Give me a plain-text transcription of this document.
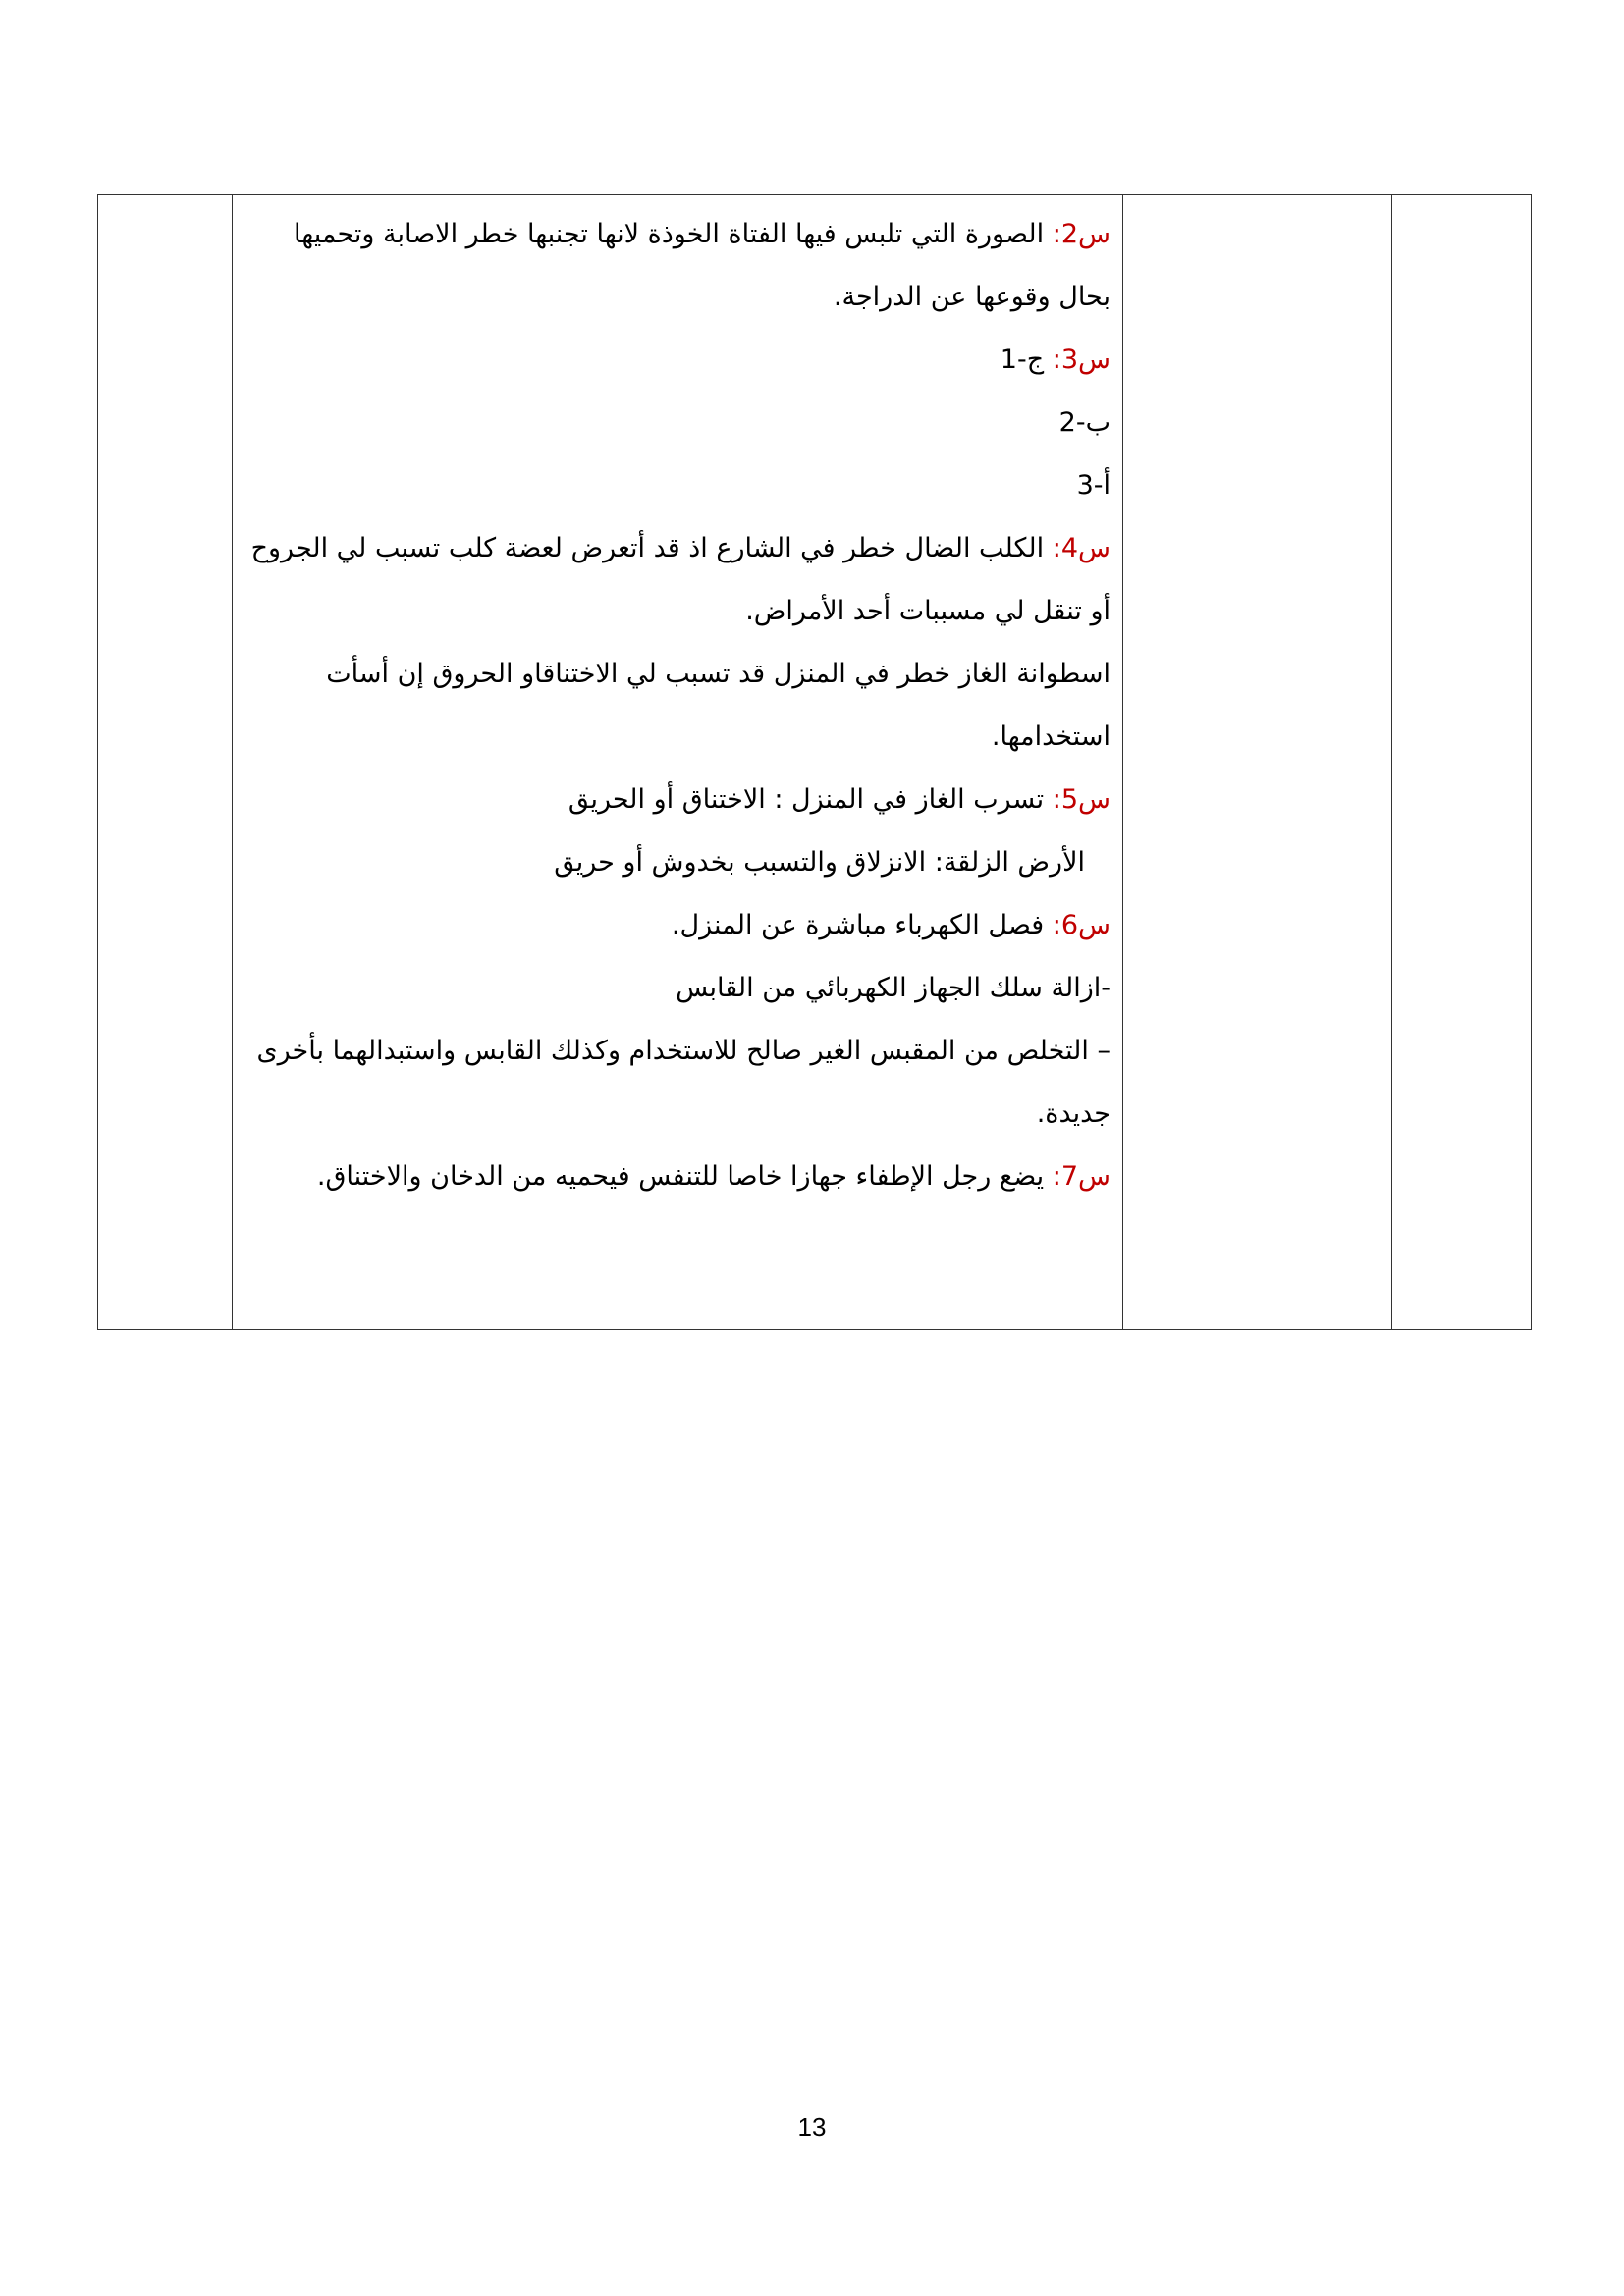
س2: الصورة التي تلبس فيها الفتاة الخوذة لانها تجنبها خطر الاصابة وتحميها بحال وقوعها عن الدراجة.
س3: 1-ج
2-ب
3-أ
س4: الكلب الضال خطر في الشارع اذ قد أتعرض لعضة كلب تسبب لي الجروح أو تنقل لي مسببات أحد الأمراض.
اسطوانة الغاز خطر في المنزل قد تسبب لي الاختناقاو الحروق إن أسأت استخدامها.
س5: تسرب الغاز في المنزل : الاختناق أو الحريق
الأرض الزلقة: الانزلاق والتسبب بخدوش أو حريق
س6: فصل الكهرباء مباشرة عن المنزل.
-ازالة سلك الجهاز الكهربائي من القابس
– التخلص من المقبس الغير صالح للاستخدام وكذلك القابس واستبدالهما بأخرى جديدة.
س7: يضع رجل الإطفاء جهازا خاصا للتنفس فيحميه من الدخان والاختناق.

13
